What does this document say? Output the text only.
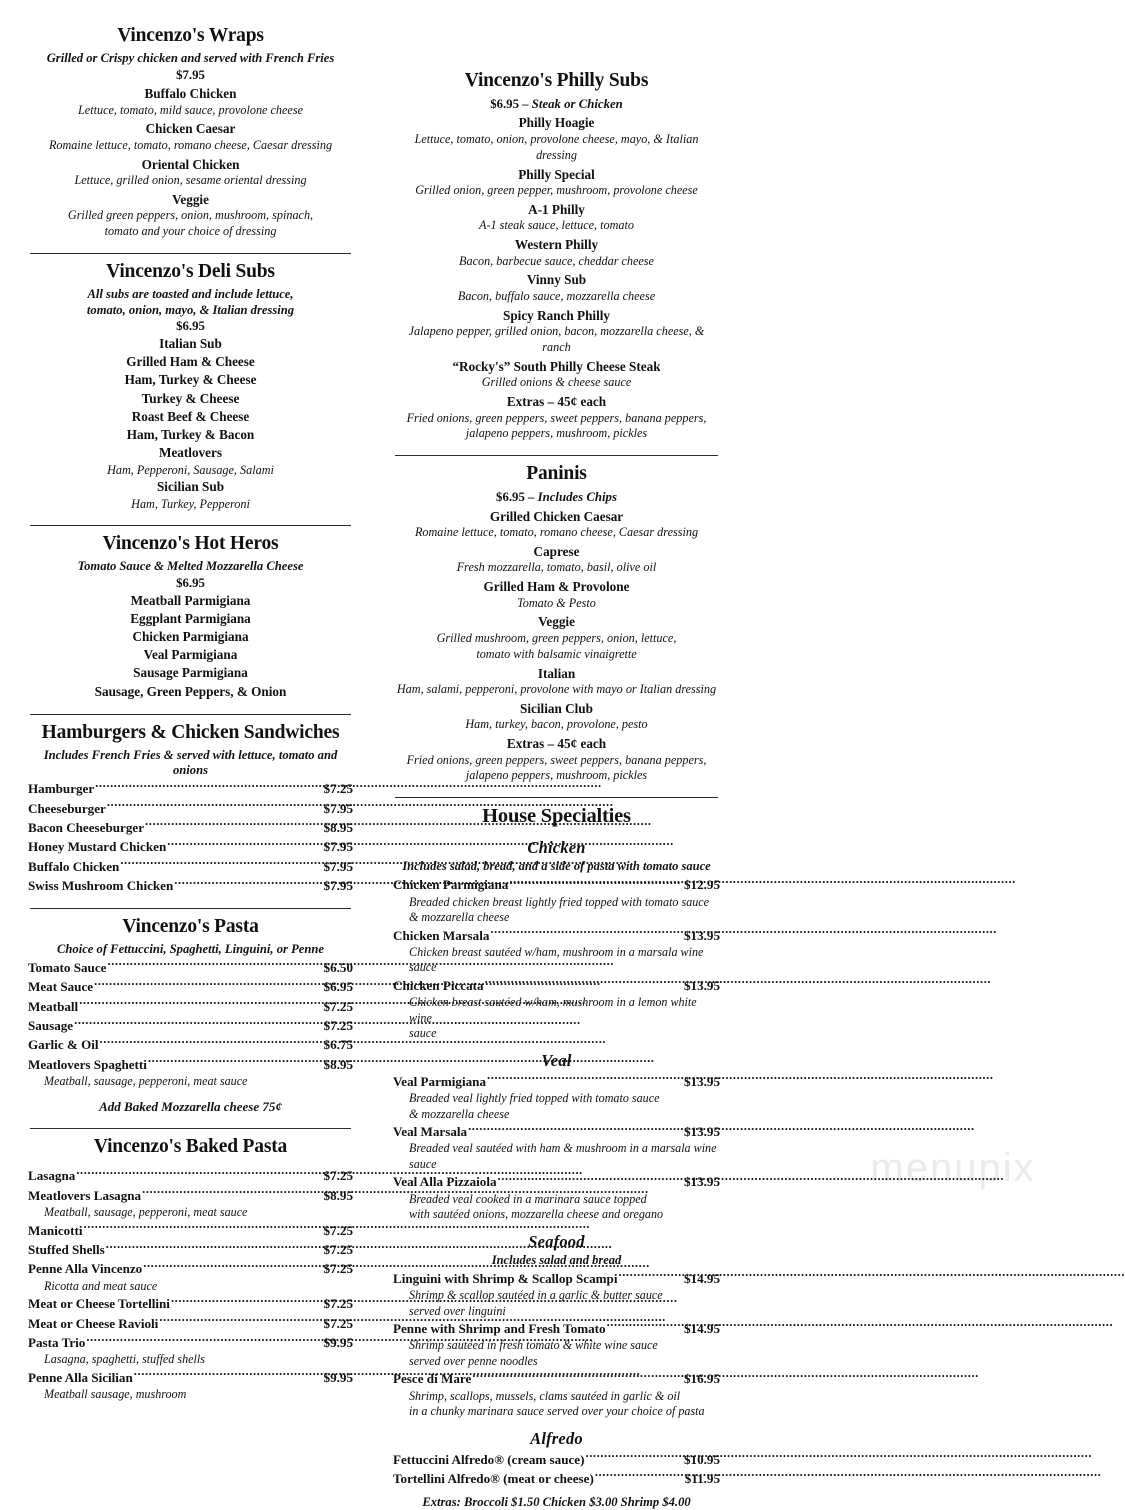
Vincenzo's Wraps
Grilled or Crispy chicken and served with French Fries
$7.95
Buffalo Chicken
Lettuce, tomato, mild sauce, provolone cheese
Chicken Caesar
Romaine lettuce, tomato, romano cheese, Caesar dressing
Oriental Chicken
Lettuce, grilled onion, sesame oriental dressing
Veggie
Grilled green peppers, onion, mushroom, spinach,
tomato and your choice of dressing
Vincenzo's Deli Subs
All subs are toasted and include lettuce,
tomato, onion, mayo, & Italian dressing
$6.95
Italian Sub
Grilled Ham & Cheese
Ham, Turkey & Cheese
Turkey & Cheese
Roast Beef & Cheese
Ham, Turkey & Bacon
Meatlovers
Ham, Pepperoni, Sausage, Salami
Sicilian Sub
Ham, Turkey, Pepperoni
Vincenzo's Hot Heros
Tomato Sauce & Melted Mozzarella Cheese
$6.95
Meatball Parmigiana
Eggplant Parmigiana
Chicken Parmigiana
Veal Parmigiana
Sausage Parmigiana
Sausage, Green Peppers, & Onion
Hamburgers & Chicken Sandwiches
Includes French Fries & served with lettuce, tomato and onions
Hamburger .....	$7.25
Cheeseburger .....	$7.95
Bacon Cheeseburger .....	$8.95
Honey Mustard Chicken .....	$7.95
Buffalo Chicken .....	$7.95
Swiss Mushroom Chicken .....	$7.95
Vincenzo's Pasta
Choice of Fettuccini, Spaghetti, Linguini, or Penne
Tomato Sauce .....	$6.50
Meat Sauce .....	$6.95
Meatball .....	$7.25
Sausage .....	$7.25
Garlic & Oil .....	$6.75
Meatlovers Spaghetti .....	$8.95
Meatball, sausage, pepperoni, meat sauce
Add Baked Mozzarella cheese 75¢
Vincenzo's Baked Pasta
Lasagna .....	$7.25
Meatlovers Lasagna .....	$8.95
Meatball, sausage, pepperoni, meat sauce
Manicotti .....	$7.25
Stuffed Shells .....	$7.25
Penne Alla Vincenzo .....	$7.25
Ricotta and meat sauce
Meat or Cheese Tortellini .....	$7.25
Meat or Cheese Ravioli .....	$7.25
Pasta Trio .....	$9.95
Lasagna, spaghetti, stuffed shells
Penne Alla Sicilian .....	$9.95
Meatball sausage, mushroom
menupix
Vincenzo's Philly Subs
$6.95 – Steak or Chicken
Philly Hoagie
Lettuce, tomato, onion, provolone cheese, mayo, & Italian dressing
Philly Special
Grilled onion, green pepper, mushroom, provolone cheese
A-1 Philly
A-1 steak sauce, lettuce, tomato
Western Philly
Bacon, barbecue sauce, cheddar cheese
Vinny Sub
Bacon, buffalo sauce, mozzarella cheese
Spicy Ranch Philly
Jalapeno pepper, grilled onion, bacon, mozzarella cheese, & ranch
“Rocky's” South Philly Cheese Steak
Grilled onions & cheese sauce
Extras – 45¢ each
Fried onions, green peppers, sweet peppers, banana peppers,
jalapeno peppers, mushroom, pickles
Paninis
$6.95 – Includes Chips
Grilled Chicken Caesar
Romaine lettuce, tomato, romano cheese, Caesar dressing
Caprese
Fresh mozzarella, tomato, basil, olive oil
Grilled Ham & Provolone
Tomato & Pesto
Veggie
Grilled mushroom, green peppers, onion, lettuce,
tomato with balsamic vinaigrette
Italian
Ham, salami, pepperoni, provolone with mayo or Italian dressing
Sicilian Club
Ham, turkey, bacon, provolone, pesto
Extras – 45¢ each
Fried onions, green peppers, sweet peppers, banana peppers,
jalapeno peppers, mushroom, pickles
House Specialties
Chicken
Includes salad, bread, and a side of pasta with tomato sauce
Chicken Parmigiana .....	$12.95
Breaded chicken breast lightly fried topped with tomato sauce
& mozzarella cheese
Chicken Marsala .....	$13.95
Chicken breast sautéed w/ham, mushroom in a marsala wine sauce
Chicken Piccata .....	$13.95
Chicken breast sautéed w/ham, mushroom in a lemon white wine
sauce
Veal
Veal Parmigiana .....	$13.95
Breaded veal lightly fried topped with tomato sauce
& mozzarella cheese
Veal Marsala .....	$13.95
Breaded veal sautéed with ham & mushroom in a marsala wine sauce
Veal Alla Pizzaiola .....	$13.95
Breaded veal cooked in a marinara sauce topped
with sautéed onions, mozzarella cheese and oregano
Seafood
Includes salad and bread
Linguini with Shrimp & Scallop Scampi .....	$14.95
Shrimp & scallop sautéed in a garlic & butter sauce
served over linguini
Penne with Shrimp and Fresh Tomato .....	$14.95
Shrimp sautéed in fresh tomato & white wine sauce
served over penne noodles
Pesce di Mare .....	$16.95
Shrimp, scallops, mussels, clams sautéed in garlic & oil
in a chunky marinara sauce served over your choice of pasta
Alfredo
Fettuccini Alfredo® (cream sauce) .....	$10.95
Tortellini Alfredo® (meat or cheese) .....	$11.95
Extras: Broccoli $1.50 Chicken $3.00 Shrimp $4.00
